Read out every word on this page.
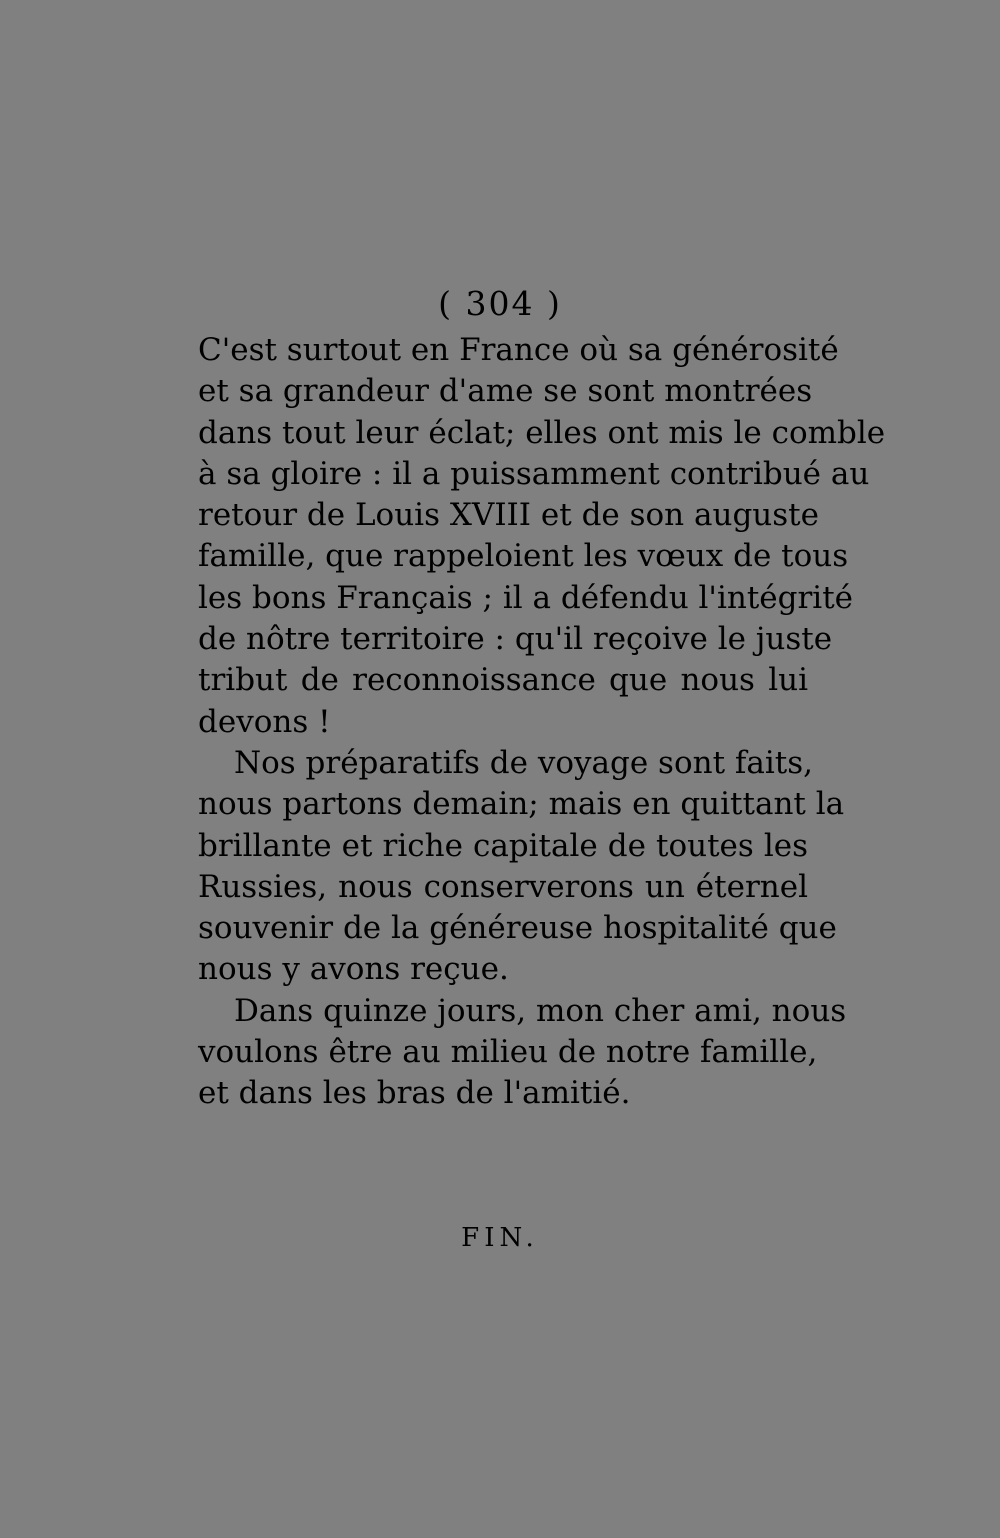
( 304 )
C'est surtout en France où sa générosité
et sa grandeur d'ame se sont montrées
dans tout leur éclat; elles ont mis le comble
à sa gloire : il a puissamment contribué au
retour de Louis XVIII et de son auguste
famille, que rappeloient les vœux de tous
les bons Français ; il a défendu l'intégrité
de nôtre territoire : qu'il reçoive le juste
tribut de reconnoissance que nous lui
devons !
Nos préparatifs de voyage sont faits,
nous partons demain; mais en quittant la
brillante et riche capitale de toutes les
Russies, nous conserverons un éternel
souvenir de la généreuse hospitalité que
nous y avons reçue.
Dans quinze jours, mon cher ami, nous
voulons être au milieu de notre famille,
et dans les bras de l'amitié.
FIN.
